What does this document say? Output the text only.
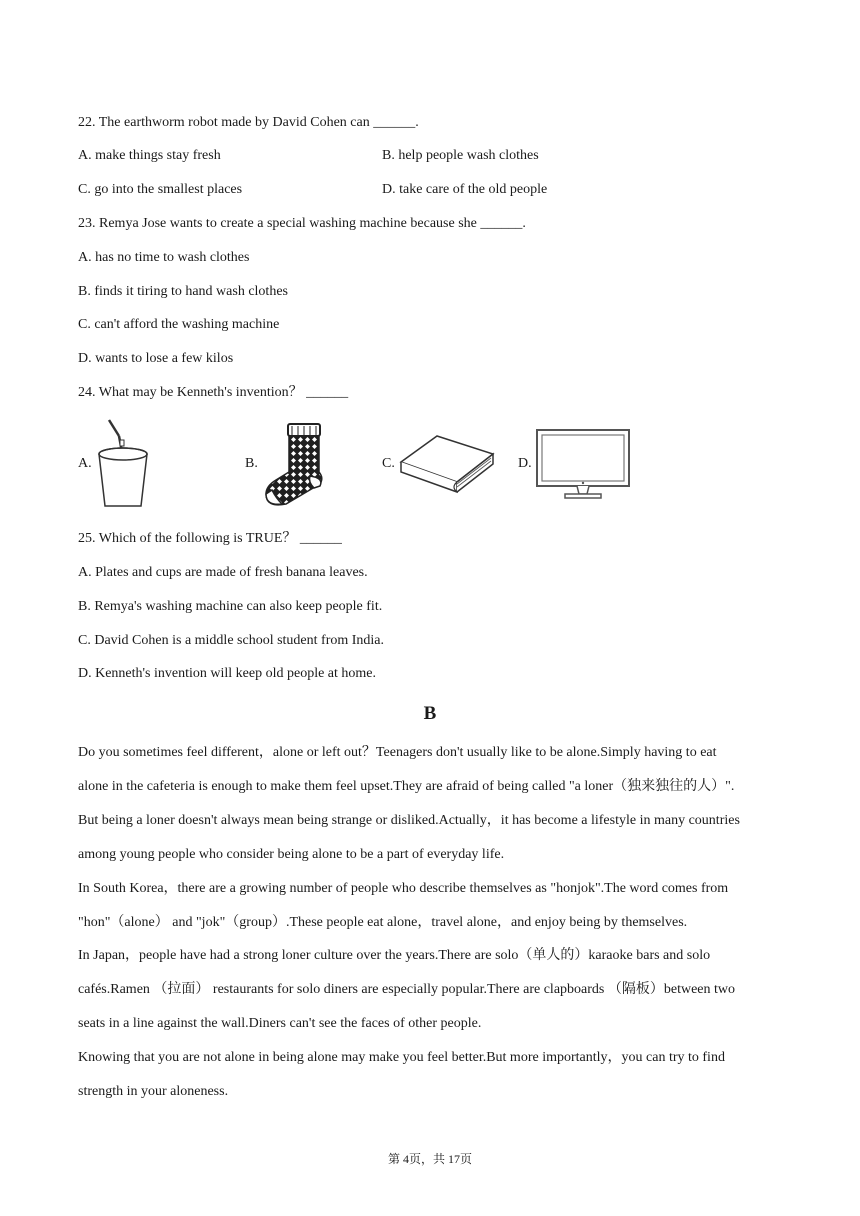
22. The earthworm robot made by David Cohen can ______.
A. make things stay fresh	B. help people wash clothes
C. go into the smallest places	D. take care of the old people
23. Remya Jose wants to create a special washing machine because she ______.
A. has no time to wash clothes
B. finds it tiring to hand wash clothes
C. can't afford the washing machine
D. wants to lose a few kilos
24. What may be Kenneth's invention？ ______
A.	B.	C.	D.
25. Which of the following is TRUE？ ______
A. Plates and cups are made of fresh banana leaves.
B. Remya's washing machine can also keep people fit.
C. David Cohen is a middle school student from India.
D. Kenneth's invention will keep old people at home.
B
Do you sometimes feel different，alone or left out？Teenagers don't usually like to be alone.Simply having to eat
alone in the cafeteria is enough to make them feel upset.They are afraid of being called "a loner（独来独往的人）".
But being a loner doesn't always mean being strange or disliked.Actually，it has become a lifestyle in many countries
among young people who consider being alone to be a part of everyday life.
In South Korea，there are a growing number of people who describe themselves as "honjok".The word comes from
"hon"（alone） and "jok"（group）.These people eat alone，travel alone，and enjoy being by themselves.
In Japan，people have had a strong loner culture over the years.There are solo（单人的）karaoke bars and solo
cafés.Ramen （拉面） restaurants for solo diners are especially popular.There are clapboards （隔板）between two
seats in a line against the wall.Diners can't see the faces of other people.
Knowing that you are not alone in being alone may make you feel better.But more importantly，you can try to find
strength in your aloneness.
第 4页，共 17页
